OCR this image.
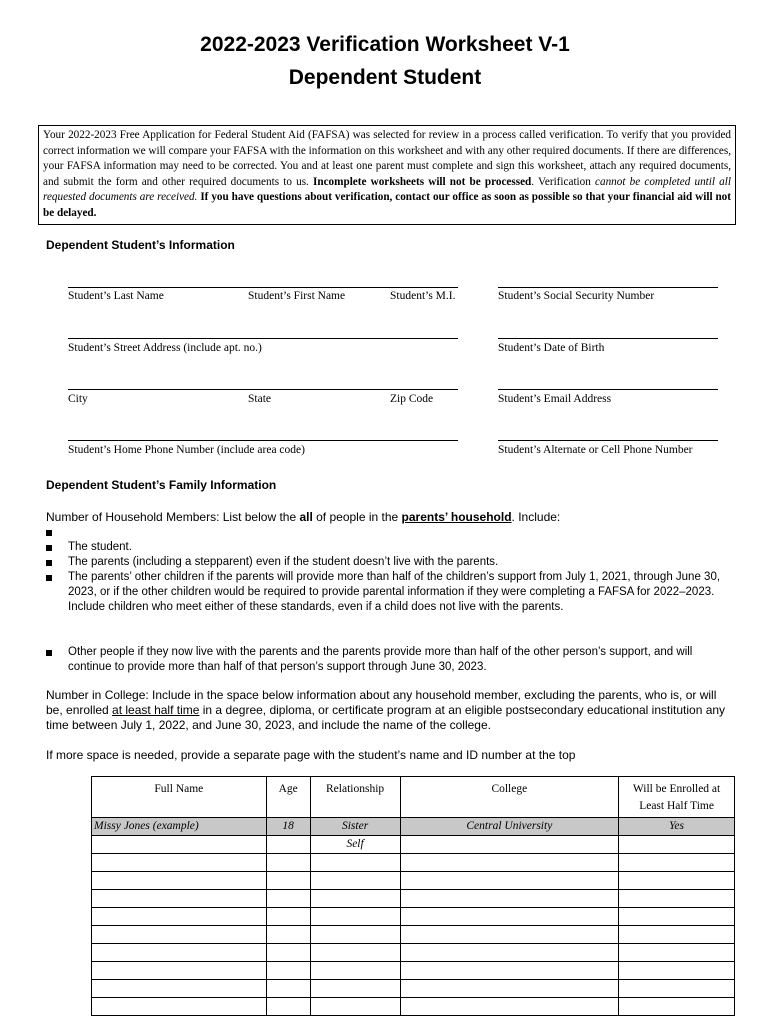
2022-2023 Verification Worksheet V-1
Dependent Student
Your 2022-2023 Free Application for Federal Student Aid (FAFSA) was selected for review in a process called verification. To verify that you provided correct information we will compare your FAFSA with the information on this worksheet and with any other required documents. If there are differences, your FAFSA information may need to be corrected. You and at least one parent must complete and sign this worksheet, attach any required documents, and submit the form and other required documents to us. Incomplete worksheets will not be processed. Verification cannot be completed until all requested documents are received. If you have questions about verification, contact our office as soon as possible so that your financial aid will not be delayed.
Dependent Student’s Information
Student’s Last Name	Student’s First Name	Student’s M.I.	Student’s Social Security Number
Student’s Street Address (include apt. no.)	Student’s Date of Birth
City	State	Zip Code	Student’s Email Address
Student’s Home Phone Number (include area code)	Student’s Alternate or Cell Phone Number
Dependent Student’s Family Information
Number of Household Members: List below the all of people in the parents’ household. Include:
The student.
The parents (including a stepparent) even if the student doesn’t live with the parents.
The parents’ other children if the parents will provide more than half of the children’s support from July 1, 2021, through June 30, 2023, or if the other children would be required to provide parental information if they were completing a FAFSA for 2022–2023. Include children who meet either of these standards, even if a child does not live with the parents.
Other people if they now live with the parents and the parents provide more than half of the other person’s support, and will continue to provide more than half of that person’s support through June 30, 2023.
Number in College: Include in the space below information about any household member, excluding the parents, who is, or will be, enrolled at least half time in a degree, diploma, or certificate program at an eligible postsecondary educational institution any time between July 1, 2022, and June 30, 2023, and include the name of the college.
If more space is needed, provide a separate page with the student’s name and ID number at the top
Full Name	Age	Relationship	College	Will be Enrolled at Least Half Time
Missy Jones (example)	18	Sister	Central University	Yes
		Self		
